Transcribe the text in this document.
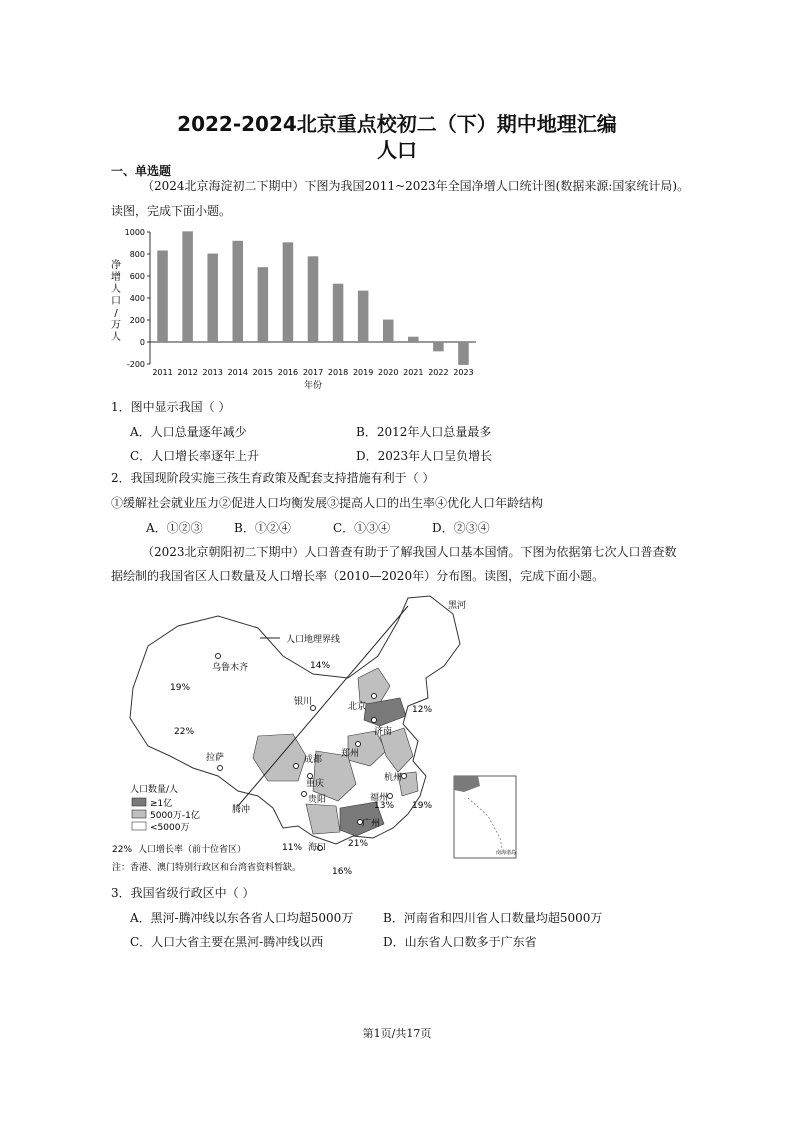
2022-2024北京重点校初二（下）期中地理汇编
人口
一、单选题
（2024北京海淀初二下期中）下图为我国2011~2023年全国净增人口统计图(数据来源:国家统计局)。
读图，完成下面小题。
净
增
人
口
/
万
人
1000
800
600
400
200
0
-200
2011 2012 2013 2014 2015 2016 2017 2018 2019 2020 2021 2022 2023
年份
1．图中显示我国（ ）
A．人口总量逐年减少	B．2012年人口总量最多
C．人口增长率逐年上升	D．2023年人口呈负增长
2．我国现阶段实施三孩生育政策及配套支持措施有利于（ ）
①缓解社会就业压力②促进人口均衡发展③提高人口的出生率④优化人口年龄结构
A．①②③	B．①②④	C．①③④	D．②③④
（2023北京朝阳初二下期中）人口普查有助于了解我国人口基本国情。下图为依据第七次人口普查数
据绘制的我国省区人口数量及人口增长率（2010—2020年）分布图。读图，完成下面小题。
人口地理界线
黑河
乌鲁木齐
银川	北京
济南
郑州
拉萨	成都
重庆
贵阳
腾冲
杭州
福州
广州
海口
14%
19%
12%
22%
19%
13%
11%	21%
16%
人口数量/人
≥1亿
5000万-1亿
<5000万
22% 人口增长率（前十位省区）
注：香港、澳门特别行政区和台湾省资料暂缺。
南海诸岛
3．我国省级行政区中（ ）
A．黑河-腾冲线以东各省人口均超5000万 B．河南省和四川省人口数量均超5000万
C．人口大省主要在黑河-腾冲线以西	D．山东省人口数多于广东省
第1页/共17页
